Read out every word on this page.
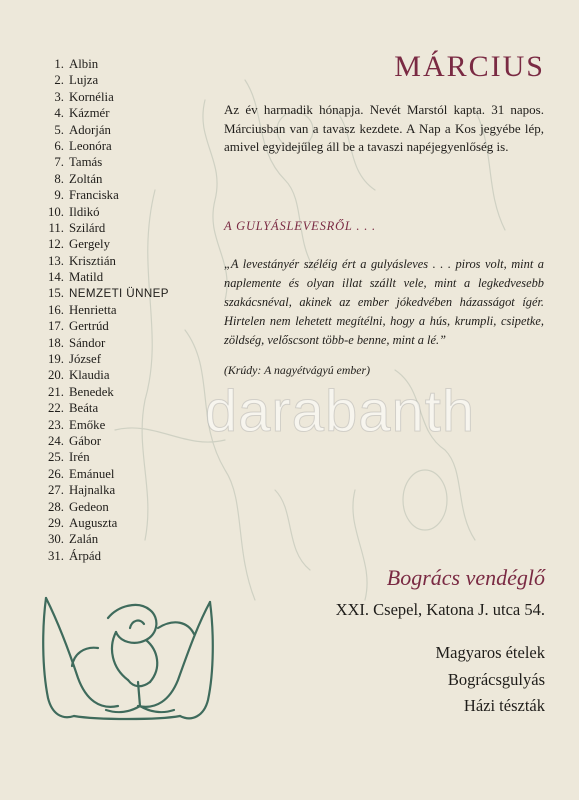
darabanth
1. Albin
2. Lujza
3. Kornélia
4. Kázmér
5. Adorján
6. Leonóra
7. Tamás
8. Zoltán
9. Franciska
10. Ildikó
11. Szilárd
12. Gergely
13. Krisztián
14. Matild
15. NEMZETI ÜNNEP
16. Henrietta
17. Gertrúd
18. Sándor
19. József
20. Klaudia
21. Benedek
22. Beáta
23. Emőke
24. Gábor
25. Irén
26. Emánuel
27. Hajnalka
28. Gedeon
29. Auguszta
30. Zalán
31. Árpád
MÁRCIUS

Az év harmadik hónapja. Nevét Marstól kapta. 31 napos. Márciusban van a tavasz kezdete. A Nap a Kos jegyébe lép, amivel egyidejűleg áll be a tavaszi napéjegyenlőség is.

A GULYÁSLEVESRŐL . . .

„A levestányér széléig ért a gulyásleves . . . piros volt, mint a naplemente és olyan illat szállt vele, mint a legkedvesebb szakácsnéval, akinek az ember jókedvében házasságot ígér. Hirtelen nem lehetett megítélni, hogy a hús, krumpli, csipetke, zöldség, velőscsont több-e benne, mint a lé.”

(Krúdy: A nagyétvágyú ember)

Bogrács vendéglő

XXI. Csepel, Katona J. utca 54.

Magyaros ételek

Bográcsgulyás

Házi tészták
